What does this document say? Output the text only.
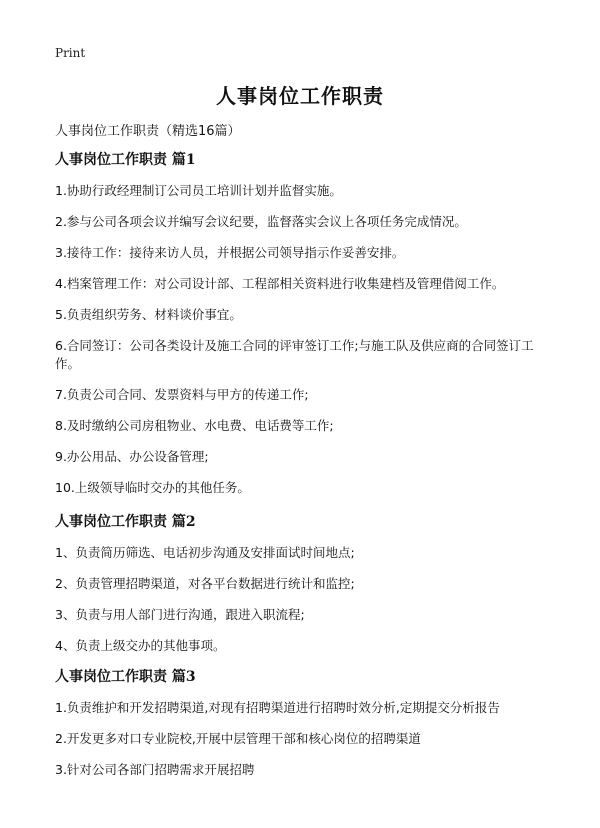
Print
人事岗位工作职责

人事岗位工作职责（精选16篇）

人事岗位工作职责 篇1

1.协助行政经理制订公司员工培训计划并监督实施。

2.参与公司各项会议并编写会议纪要，监督落实会议上各项任务完成情况。

3.接待工作：接待来访人员，并根据公司领导指示作妥善安排。

4.档案管理工作：对公司设计部、工程部相关资料进行收集建档及管理借阅工作。

5.负责组织劳务、材料谈价事宜。

6.合同签订：公司各类设计及施工合同的评审签订工作;与施工队及供应商的合同签订工作。

7.负责公司合同、发票资料与甲方的传递工作;

8.及时缴纳公司房租物业、水电费、电话费等工作;

9.办公用品、办公设备管理;

10.上级领导临时交办的其他任务。

人事岗位工作职责 篇2

1、负责简历筛选、电话初步沟通及安排面试时间地点;

2、负责管理招聘渠道，对各平台数据进行统计和监控;

3、负责与用人部门进行沟通，跟进入职流程;

4、负责上级交办的其他事项。

人事岗位工作职责 篇3

1.负责维护和开发招聘渠道,对现有招聘渠道进行招聘时效分析,定期提交分析报告

2.开发更多对口专业院校,开展中层管理干部和核心岗位的招聘渠道

3.针对公司各部门招聘需求开展招聘
